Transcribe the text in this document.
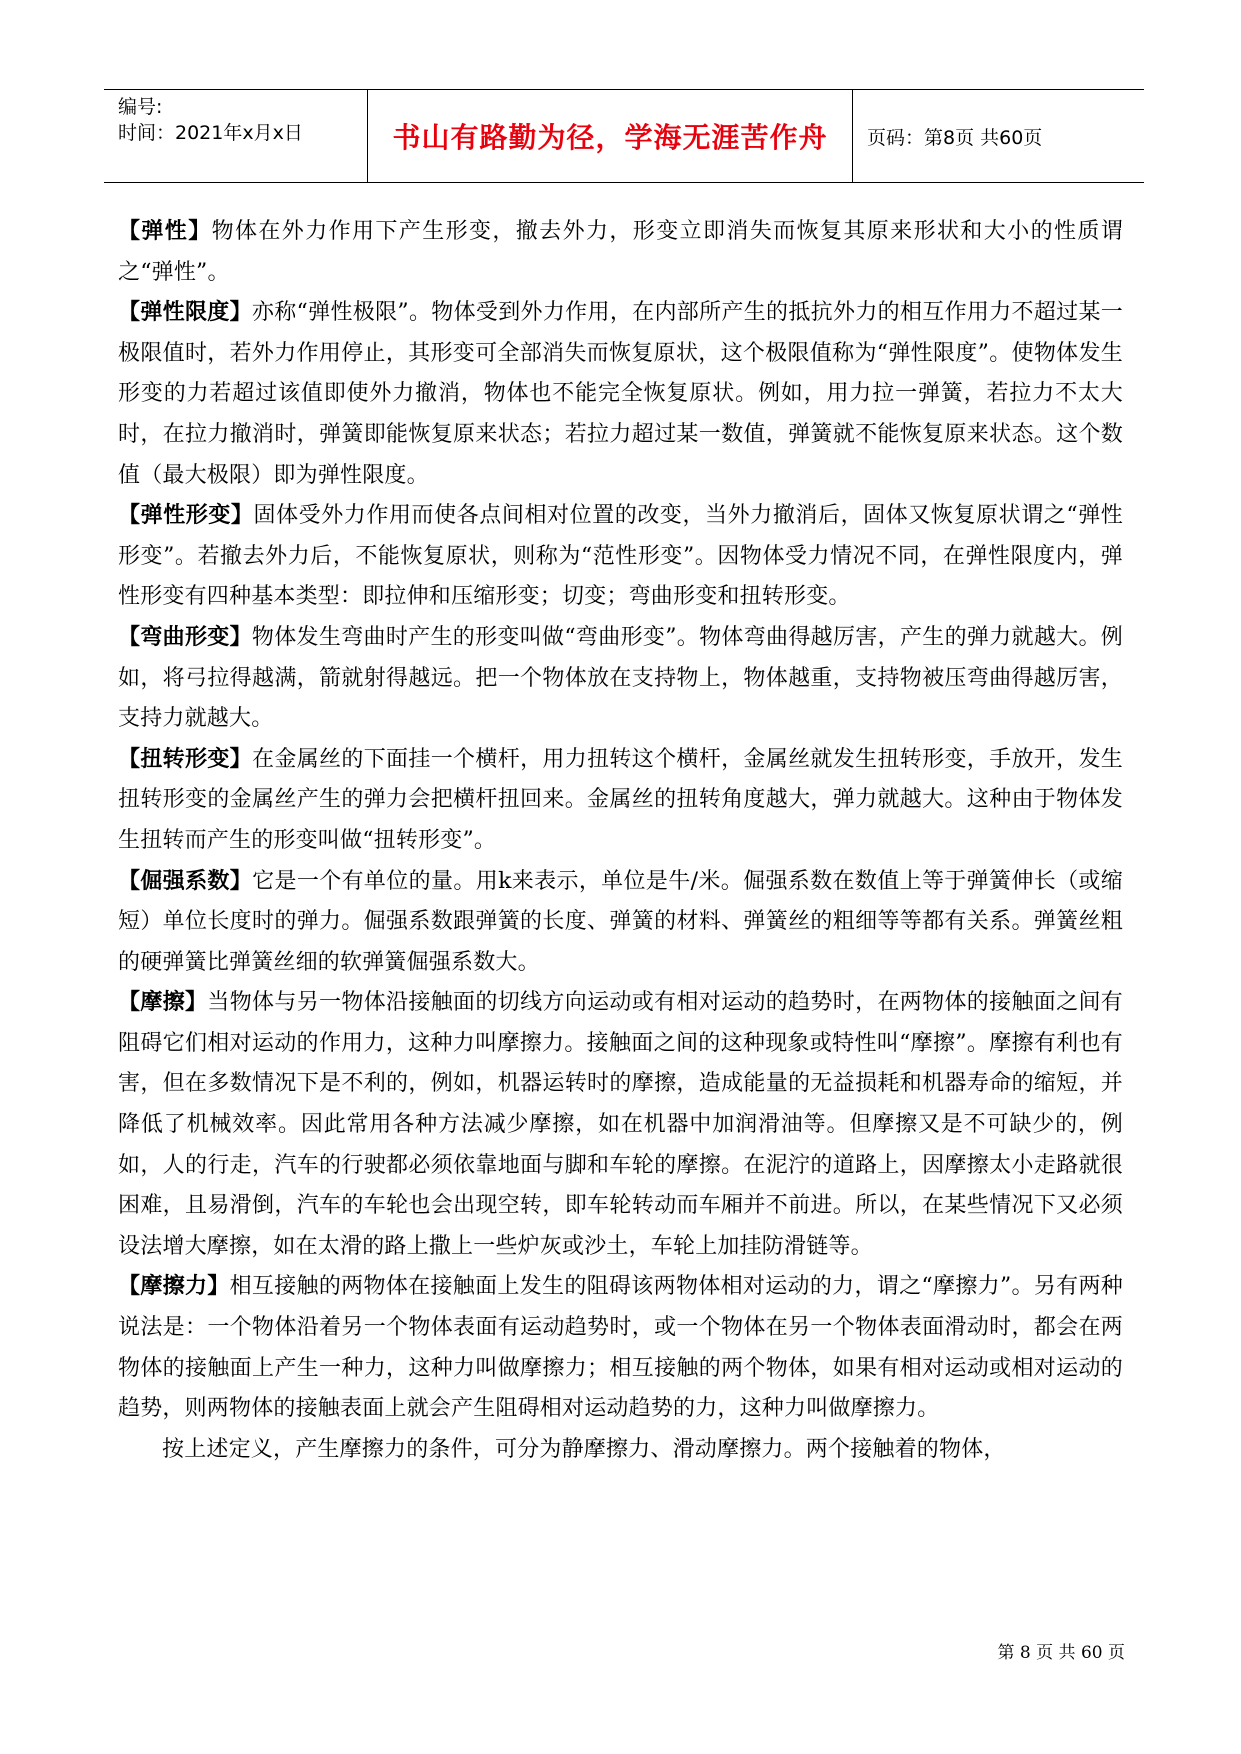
编号:
时间：2021年x月x日	书山有路勤为径，学海无涯苦作舟 页码：第8页 共60页

【弹性】物体在外力作用下产生形变，撤去外力，形变立即消失而恢复其原来形状和大小的性质谓之“弹性”。

【弹性限度】亦称“弹性极限”。物体受到外力作用，在内部所产生的抵抗外力的相互作用力不超过某一极限值时，若外力作用停止，其形变可全部消失而恢复原状，这个极限值称为“弹性限度”。使物体发生形变的力若超过该值即使外力撤消，物体也不能完全恢复原状。例如，用力拉一弹簧，若拉力不太大时，在拉力撤消时，弹簧即能恢复原来状态；若拉力超过某一数值，弹簧就不能恢复原来状态。这个数值（最大极限）即为弹性限度。

【弹性形变】固体受外力作用而使各点间相对位置的改变，当外力撤消后，固体又恢复原状谓之“弹性形变”。若撤去外力后，不能恢复原状，则称为“范性形变”。因物体受力情况不同，在弹性限度内，弹性形变有四种基本类型：即拉伸和压缩形变；切变；弯曲形变和扭转形变。

【弯曲形变】物体发生弯曲时产生的形变叫做“弯曲形变”。物体弯曲得越厉害，产生的弹力就越大。例如，将弓拉得越满，箭就射得越远。把一个物体放在支持物上，物体越重，支持物被压弯曲得越厉害，支持力就越大。

【扭转形变】在金属丝的下面挂一个横杆，用力扭转这个横杆，金属丝就发生扭转形变，手放开，发生扭转形变的金属丝产生的弹力会把横杆扭回来。金属丝的扭转角度越大，弹力就越大。这种由于物体发生扭转而产生的形变叫做“扭转形变”。

【倔强系数】它是一个有单位的量。用k来表示，单位是牛/米。倔强系数在数值上等于弹簧伸长（或缩短）单位长度时的弹力。倔强系数跟弹簧的长度、弹簧的材料、弹簧丝的粗细等等都有关系。弹簧丝粗的硬弹簧比弹簧丝细的软弹簧倔强系数大。

【摩擦】当物体与另一物体沿接触面的切线方向运动或有相对运动的趋势时，在两物体的接触面之间有阻碍它们相对运动的作用力，这种力叫摩擦力。接触面之间的这种现象或特性叫“摩擦”。摩擦有利也有害，但在多数情况下是不利的，例如，机器运转时的摩擦，造成能量的无益损耗和机器寿命的缩短，并降低了机械效率。因此常用各种方法减少摩擦，如在机器中加润滑油等。但摩擦又是不可缺少的，例如，人的行走，汽车的行驶都必须依靠地面与脚和车轮的摩擦。在泥泞的道路上，因摩擦太小走路就很困难，且易滑倒，汽车的车轮也会出现空转，即车轮转动而车厢并不前进。所以，在某些情况下又必须设法增大摩擦，如在太滑的路上撒上一些炉灰或沙土，车轮上加挂防滑链等。

【摩擦力】相互接触的两物体在接触面上发生的阻碍该两物体相对运动的力，谓之“摩擦力”。另有两种说法是：一个物体沿着另一个物体表面有运动趋势时，或一个物体在另一个物体表面滑动时，都会在两物体的接触面上产生一种力，这种力叫做摩擦力；相互接触的两个物体，如果有相对运动或相对运动的趋势，则两物体的接触表面上就会产生阻碍相对运动趋势的力，这种力叫做摩擦力。

按上述定义，产生摩擦力的条件，可分为静摩擦力、滑动摩擦力。两个接触着的物体，

第 8 页 共 60 页
